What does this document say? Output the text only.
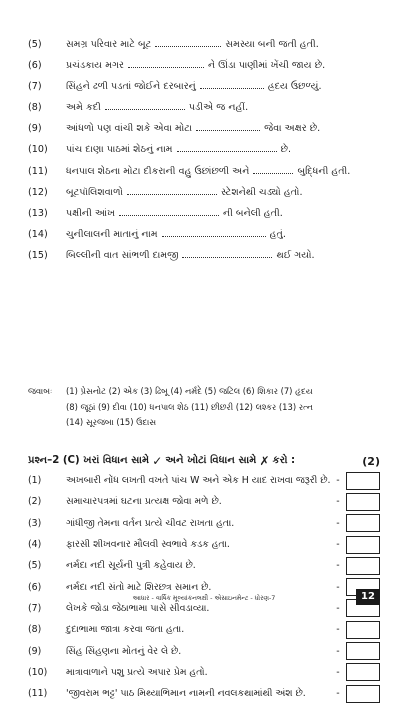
(5)	સમગ્ર પરિવાર માટે બૂટ	સમસ્યા બની જતી હતી.
(6)	પ્રચંડકાય મગર	ને ઊંડા પાણીમાં ખેંચી જાય છે.
(7)	સિંહને ઢળી પડતાં જોઈને દરબારનું	હ્રદય ઉછળ્યું.
(8)	અમે કદી	પડીએ જ નહીં.
(9)	આંધળો પણ વાંચી શકે એવા મોટા	જેવા અક્ષર છે.
(10)	પાંચ દાણા પાઠમાં શેઠનું નામ	છે.
(11)	ધનપાલ શેઠના મોટા દીકરાની વહુ ઉછાંછળી અને	બુદ્ધિની હતી.
(12)	બૂટપૉલિશવાળો	સ્ટેશનેથી ચડ્યો હતો.
(13)	પક્ષીની આંખ	ની બનેલી હતી.
(14)	ચુનીલાલની માતાનું નામ	હતું.
(15)	બિલ્લીની વાત સાંભળી દામજી	થઈ ગયો.
જવાબઃ (1) પ્રેસનોટ (2) એક (3) ઢિબૂ (4) નર્મદે (5) જટિલ (6) શિકાર (7) હૃદય
(8) જૂઠાં (9) દીવા (10) ધનપાલ શેઠ (11) છીછરી (12) લશ્કર (13) રત્ન
(14) સૂરજબા (15) ઉદાસ
પ્રશ્ન–2 (C) ખરાં વિધાન સામે ✓ અને ખોટાં વિધાન સામે ✗ કરો :	(2)
(1)	અખબારી નોંધ લખતી વખતે પાંચ W અને એક H યાદ રાખવા જરૂરી છે. -
(2)	સમાચારપત્રમાં ઘટના પ્રત્યક્ષ જોવા મળે છે.	-
(3)	ગાંધીજી તેમના વર્તન પ્રત્યે ચીવટ રાખતા હતા.	-
(4)	ફારસી શીખવનાર મૌલવી સ્વભાવે કડક હતા.	-
(5)	નર્મદા નદી સૂર્યની પુત્રી કહેવાય છે.	-
(6)	નર્મદા નદી સંતો માટે શિરછત્ર સમાન છે.	-
(7)	લેખકે જોડા જેઠાભામા પાસે સીવડાવ્યા.	-
(8)	દુદાભામા જાત્રા કરવા જતા હતા.	-
(9)	સિંહ સિંહણના મોતનું વેર લે છે.	-
(10)	માત્રાવાળાને પશુ પ્રત્યે અપાર પ્રેમ હતો.	-
(11)	'જીવરામ ભટ્ટ' પાઠ મિથ્યાભિમાન નામની નવલકથામાંથી અંશ છે.	-
આધાર - વાર્ષિક મૂલ્યાંકનલક્ષી - એસાઇનમેન્ટ - ધોરણ-7	12
